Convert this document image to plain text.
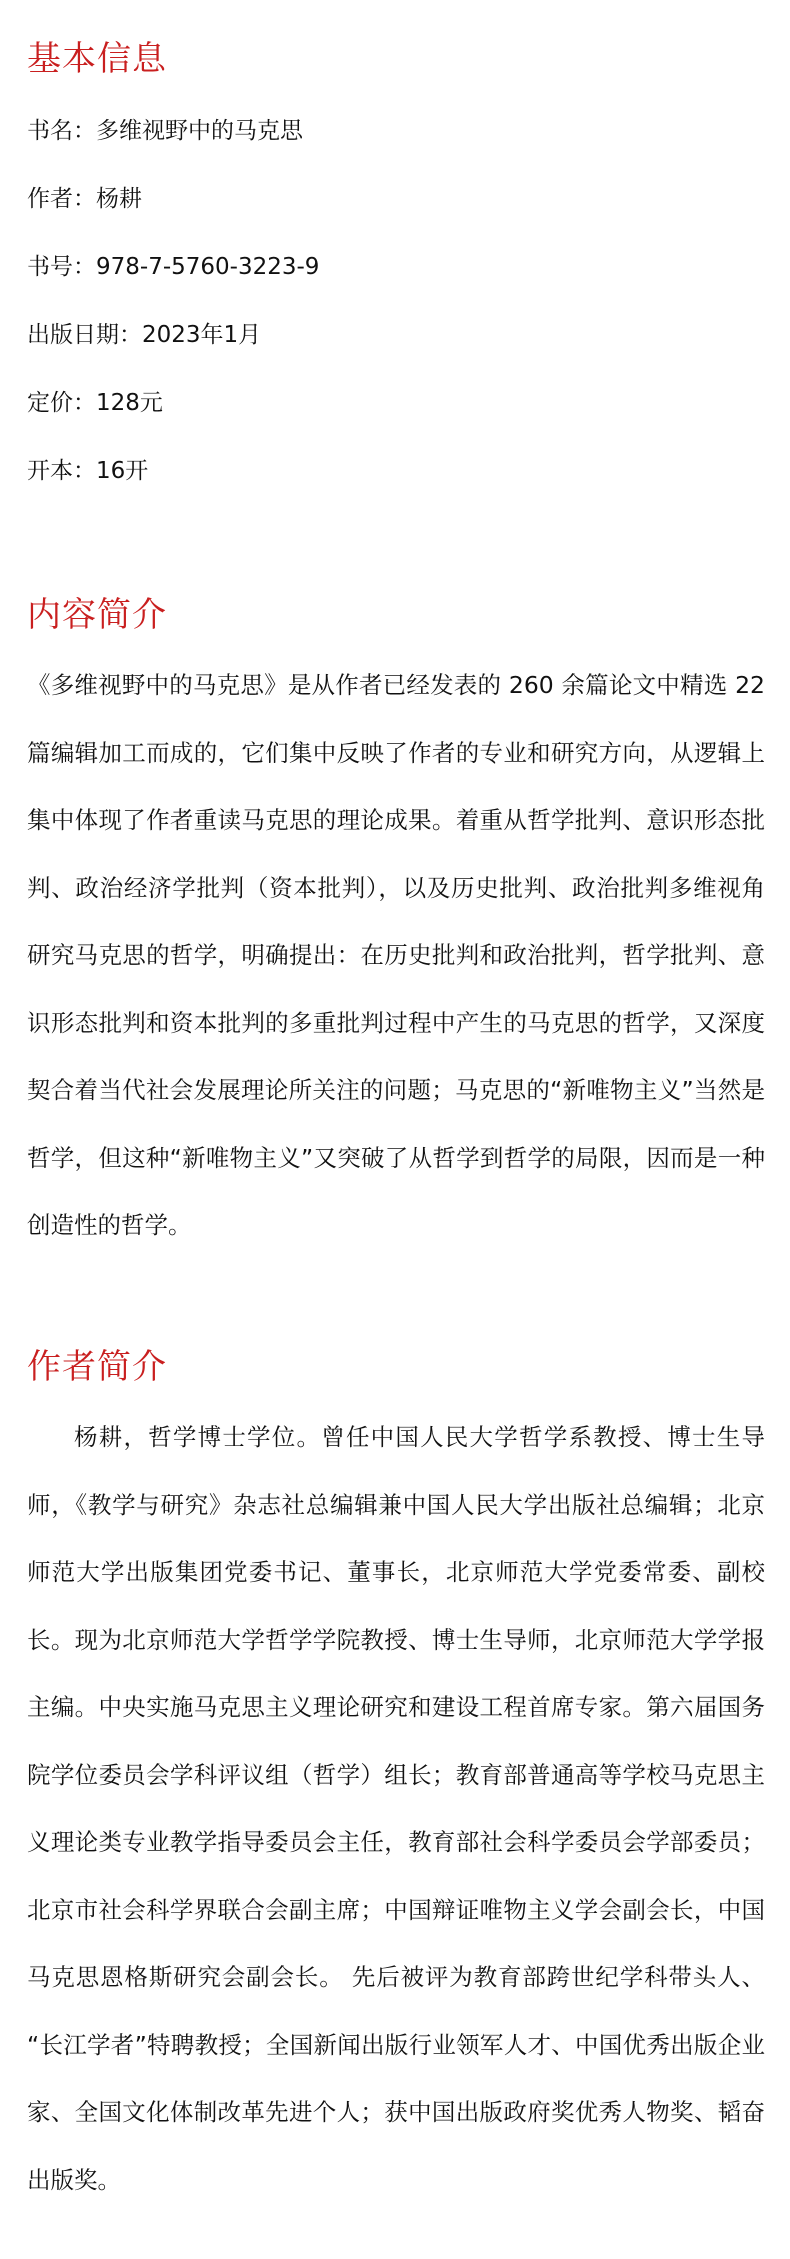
基本信息

书名：多维视野中的马克思

作者：杨耕

书号：978-7-5760-3223-9

出版日期：2023年1月

定价：128元

开本：16开

内容简介

《多维视野中的马克思》是从作者已经发表的 260 余篇论文中精选 22 篇编辑加工而成的，它们集中反映了作者的专业和研究方向，从逻辑上集中体现了作者重读马克思的理论成果。着重从哲学批判、意识形态批判、政治经济学批判（资本批判），以及历史批判、政治批判多维视角研究马克思的哲学，明确提出：在历史批判和政治批判，哲学批判、意识形态批判和资本批判的多重批判过程中产生的马克思的哲学，又深度契合着当代社会发展理论所关注的问题；马克思的“新唯物主义”当然是哲学，但这种“新唯物主义”又突破了从哲学到哲学的局限，因而是一种创造性的哲学。

作者简介

杨耕，哲学博士学位。曾任中国人民大学哲学系教授、博士生导师，《教学与研究》杂志社总编辑兼中国人民大学出版社总编辑；北京师范大学出版集团党委书记、董事长，北京师范大学党委常委、副校长。现为北京师范大学哲学学院教授、博士生导师，北京师范大学学报主编。中央实施马克思主义理论研究和建设工程首席专家。第六届国务院学位委员会学科评议组（哲学）组长；教育部普通高等学校马克思主义理论类专业教学指导委员会主任，教育部社会科学委员会学部委员；北京市社会科学界联合会副主席；中国辩证唯物主义学会副会长，中国马克思恩格斯研究会副会长。 先后被评为教育部跨世纪学科带头人、 “长江学者”特聘教授；全国新闻出版行业领军人才、中国优秀出版企业家、全国文化体制改革先进个人；获中国出版政府奖优秀人物奖、韬奋出版奖。
